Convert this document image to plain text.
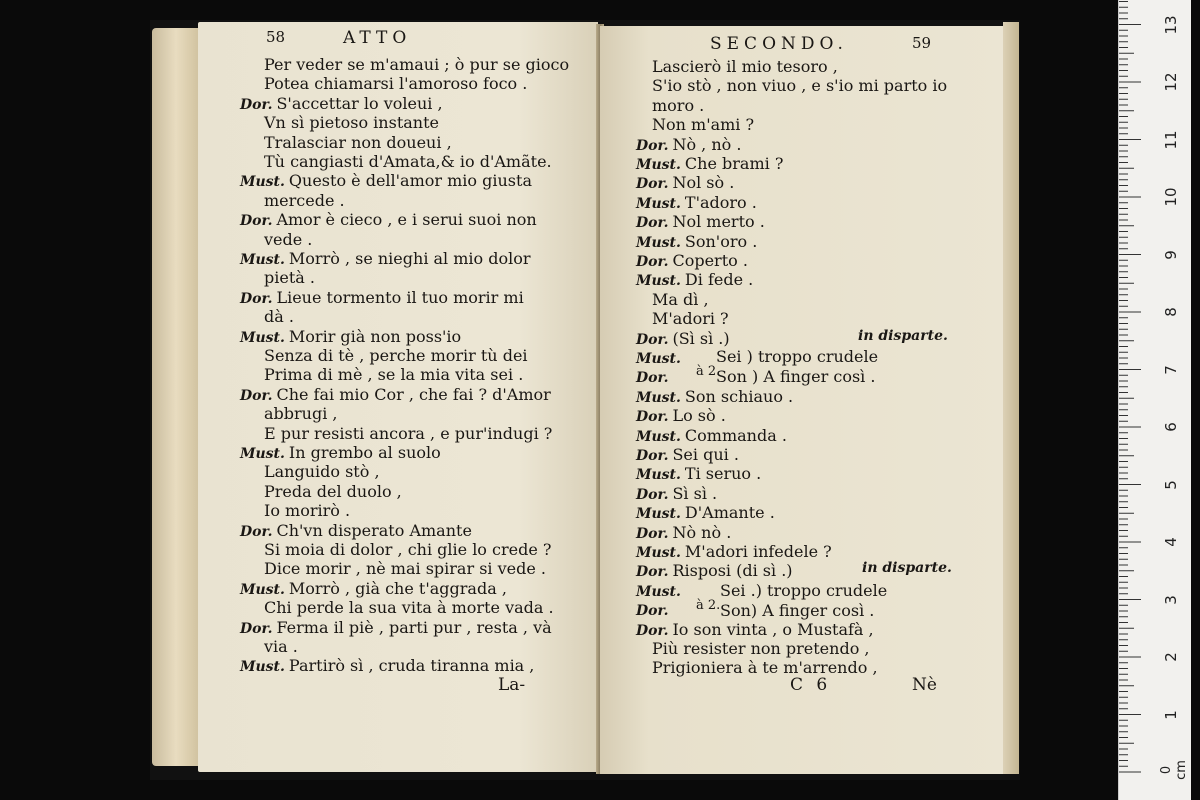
58	ATTO
Per veder se m'amaui ; ò pur se gioco
Potea chiamarsi l'amoroso foco .
Dor. S'accettar lo voleui ,
Vn sì pietoso instante
Tralasciar non doueui ,
Tù cangiasti d'Amata,& io d'Amãte.
Must. Questo è dell'amor mio giusta
mercede .
Dor. Amor è cieco , e i serui suoi non
vede .
Must. Morrò , se nieghi al mio dolor
pietà .
Dor. Lieue tormento il tuo morir mi
dà .
Must. Morir già non poss'io
Senza di tè , perche morir tù dei
Prima di mè , se la mia vita sei .
Dor. Che fai mio Cor , che fai ? d'Amor
abbrugi ,
E pur resisti ancora , e pur'indugi ?
Must. In grembo al suolo
Languido stò ,
Preda del duolo ,
Io morirò .
Dor. Ch'vn disperato Amante
Si moia di dolor , chi glie lo crede ?
Dice morir , nè mai spirar si vede .
Must. Morrò , già che t'aggrada ,
Chi perde la sua vita à morte vada .
Dor. Ferma il piè , parti pur , resta , và
via .
Must. Partirò sì , cruda tiranna mia ,
La-
SECONDO.	59
Lascierò il mio tesoro ,
S'io stò , non viuo , e s'io mi parto io
moro .
Non m'ami ?
Dor. Nò , nò .
Must. Che brami ?
Dor. Nol sò .
Must. T'adoro .
Dor. Nol merto .
Must. Son'oro .
Dor. Coperto .
Must. Di fede .
Ma dì ,
M'adori ?
Dor. (Sì sì .)
Must.
Dor.
Must. Son schiauo .
Dor. Lo sò .
Must. Commanda .
Dor. Sei qui .
Must. Ti seruo .
Dor. Sì sì .
Must. D'Amante .
Dor. Nò nò .
Must. M'adori infedele ?
Dor. Risposi (di sì .)
Must.
Dor.
Dor. Io son vinta , o Mustafà ,
Più resister non pretendo ,
Prigioniera à te m'arrendo ,
in disparte.
in disparte.
à 2.
Sei ) troppo crudele
Son ) A finger così .
à 2.
Sei .) troppo crudele
Son) A finger così .
C 6	Nè
1
2
3
4
5
6
7
8
9
10
11
12
13
0 cm
